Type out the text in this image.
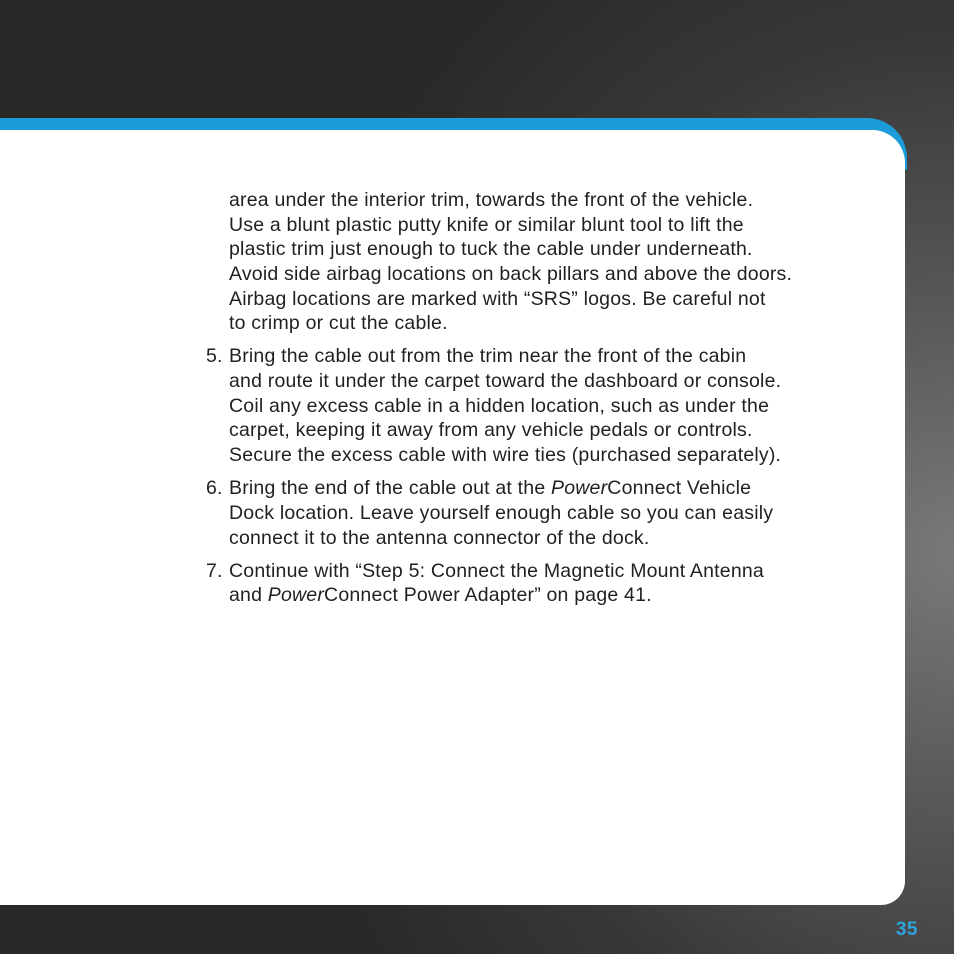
area under the interior trim, towards the front of the vehicle.
Use a blunt plastic putty knife or similar blunt tool to lift the
plastic trim just enough to tuck the cable under underneath.
Avoid side airbag locations on back pillars and above the doors.
Airbag locations are marked with “SRS” logos. Be careful not
to crimp or cut the cable.
5. Bring the cable out from the trim near the front of the cabin
and route it under the carpet toward the dashboard or console.
Coil any excess cable in a hidden location, such as under the
carpet, keeping it away from any vehicle pedals or controls.
Secure the excess cable with wire ties (purchased separately).
6. Bring the end of the cable out at the PowerConnect Vehicle
Dock location. Leave yourself enough cable so you can easily
connect it to the antenna connector of the dock.
7. Continue with “Step 5: Connect the Magnetic Mount Antenna
and PowerConnect Power Adapter” on page 41.
35
